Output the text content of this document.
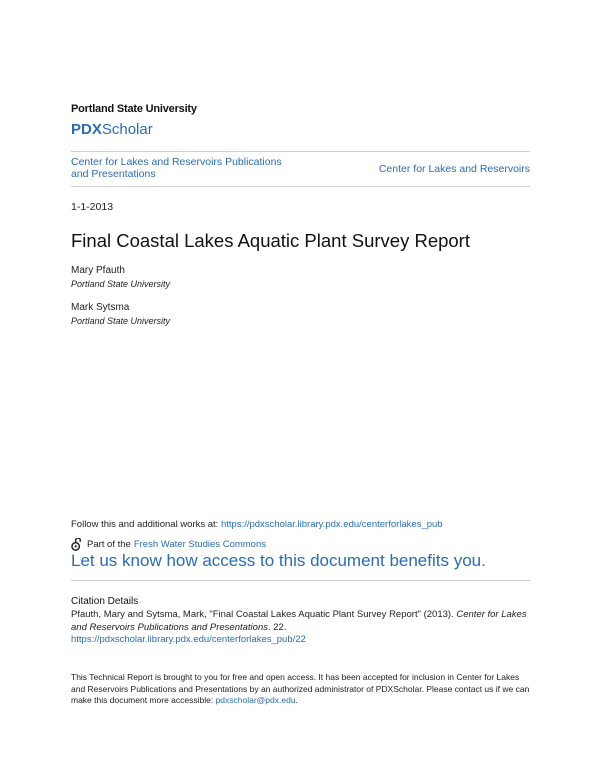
Portland State University
PDXScholar
Center for Lakes and Reservoirs Publications and Presentations	Center for Lakes and Reservoirs
1-1-2013
Final Coastal Lakes Aquatic Plant Survey Report
Mary Pfauth
Portland State University
Mark Sytsma
Portland State University
Follow this and additional works at: https://pdxscholar.library.pdx.edu/centerforlakes_pub
Part of the Fresh Water Studies Commons
Let us know how access to this document benefits you.
Citation Details
Pfauth, Mary and Sytsma, Mark, "Final Coastal Lakes Aquatic Plant Survey Report" (2013). Center for Lakes and Reservoirs Publications and Presentations. 22.
https://pdxscholar.library.pdx.edu/centerforlakes_pub/22
This Technical Report is brought to you for free and open access. It has been accepted for inclusion in Center for Lakes and Reservoirs Publications and Presentations by an authorized administrator of PDXScholar. Please contact us if we can make this document more accessible: pdxscholar@pdx.edu.
